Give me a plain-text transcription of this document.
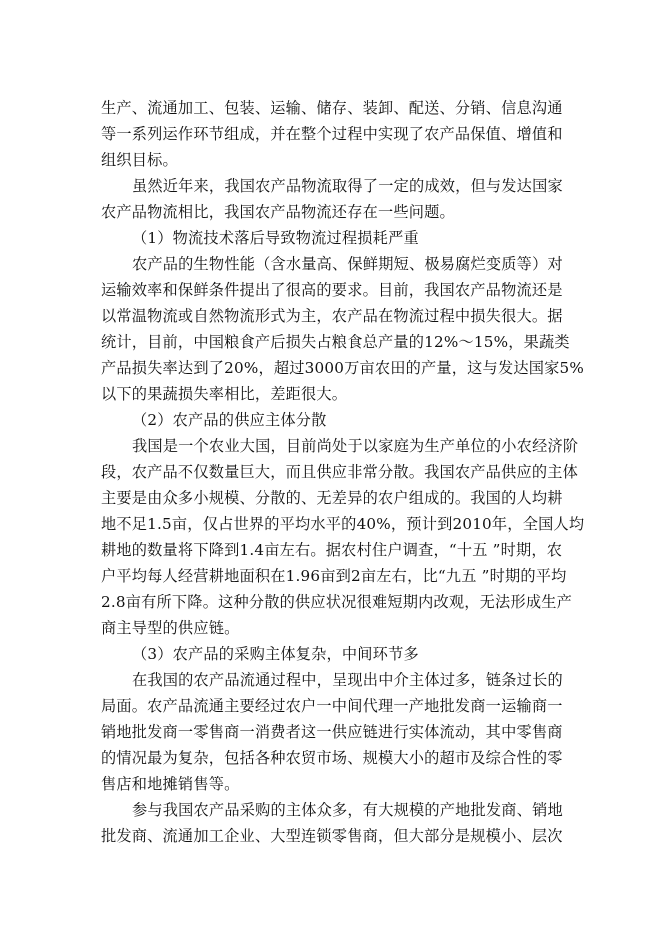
生产、流通加工、包装、运输、储存、装卸、配送、分销、信息沟通
等一系列运作环节组成，并在整个过程中实现了农产品保值、增值和
组织目标。
虽然近年来，我国农产品物流取得了一定的成效，但与发达国家
农产品物流相比，我国农产品物流还存在一些问题。
（1）物流技术落后导致物流过程损耗严重
农产品的生物性能（含水量高、保鲜期短、极易腐烂变质等）对
运输效率和保鲜条件提出了很高的要求。目前，我国农产品物流还是
以常温物流或自然物流形式为主，农产品在物流过程中损失很大。据
统计，目前，中国粮食产后损失占粮食总产量的12%～15%，果蔬类
产品损失率达到了20%，超过3000万亩农田的产量，这与发达国家5%
以下的果蔬损失率相比，差距很大。
（2）农产品的供应主体分散
我国是一个农业大国，目前尚处于以家庭为生产单位的小农经济阶
段，农产品不仅数量巨大，而且供应非常分散。我国农产品供应的主体
主要是由众多小规模、分散的、无差异的农户组成的。我国的人均耕
地不足1.5亩，仅占世界的平均水平的40%，预计到2010年，全国人均
耕地的数量将下降到1.4亩左右。据农村住户调查，“十五 ”时期，农
户平均每人经营耕地面积在1.96亩到2亩左右，比“九五 ”时期的平均
2.8亩有所下降。这种分散的供应状况很难短期内改观，无法形成生产
商主导型的供应链。
（3）农产品的采购主体复杂，中间环节多
在我国的农产品流通过程中，呈现出中介主体过多，链条过长的
局面。农产品流通主要经过农户一中间代理一产地批发商一运输商一
销地批发商一零售商一消费者这一供应链进行实体流动，其中零售商
的情况最为复杂，包括各种农贸市场、规模大小的超市及综合性的零
售店和地摊销售等。
参与我国农产品采购的主体众多，有大规模的产地批发商、销地
批发商、流通加工企业、大型连锁零售商，但大部分是规模小、层次
